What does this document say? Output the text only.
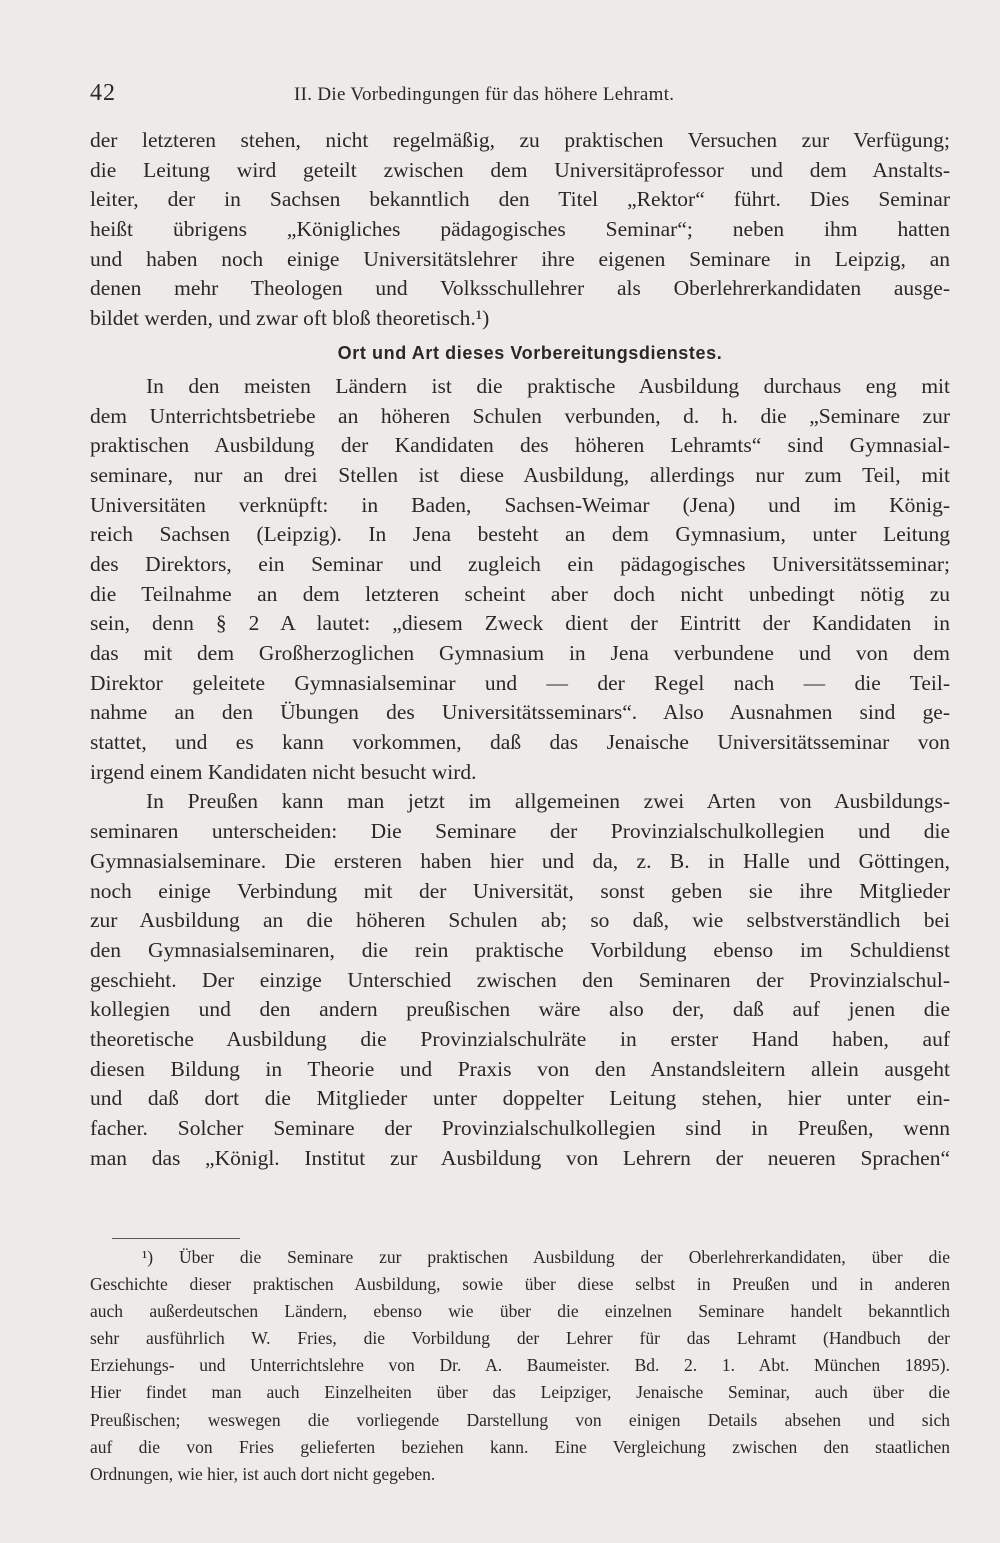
42	II. Die Vorbedingungen für das höhere Lehramt.
der letzteren stehen, nicht regelmäßig, zu praktischen Versuchen zur Verfügung;
die Leitung wird geteilt zwischen dem Universitäprofessor und dem Anstalts-
leiter, der in Sachsen bekanntlich den Titel „Rektor“ führt. Dies Seminar
heißt übrigens „Königliches pädagogisches Seminar“; neben ihm hatten
und haben noch einige Universitätslehrer ihre eigenen Seminare in Leipzig, an
denen mehr Theologen und Volksschullehrer als Oberlehrerkandidaten ausge-
bildet werden, und zwar oft bloß theoretisch.¹)
Ort und Art dieses Vorbereitungsdienstes.
In den meisten Ländern ist die praktische Ausbildung durchaus eng mit
dem Unterrichtsbetriebe an höheren Schulen verbunden, d. h. die „Seminare zur
praktischen Ausbildung der Kandidaten des höheren Lehramts“ sind Gymnasial-
seminare, nur an drei Stellen ist diese Ausbildung, allerdings nur zum Teil, mit
Universitäten verknüpft: in Baden, Sachsen-Weimar (Jena) und im König-
reich Sachsen (Leipzig). In Jena besteht an dem Gymnasium, unter Leitung
des Direktors, ein Seminar und zugleich ein pädagogisches Universitätsseminar;
die Teilnahme an dem letzteren scheint aber doch nicht unbedingt nötig zu
sein, denn § 2 A lautet: „diesem Zweck dient der Eintritt der Kandidaten in
das mit dem Großherzoglichen Gymnasium in Jena verbundene und von dem
Direktor geleitete Gymnasialseminar und — der Regel nach — die Teil-
nahme an den Übungen des Universitätsseminars“. Also Ausnahmen sind ge-
stattet, und es kann vorkommen, daß das Jenaische Universitätsseminar von
irgend einem Kandidaten nicht besucht wird.
In Preußen kann man jetzt im allgemeinen zwei Arten von Ausbildungs-
seminaren unterscheiden: Die Seminare der Provinzialschulkollegien und die
Gymnasialseminare. Die ersteren haben hier und da, z. B. in Halle und Göttingen,
noch einige Verbindung mit der Universität, sonst geben sie ihre Mitglieder
zur Ausbildung an die höheren Schulen ab; so daß, wie selbstverständlich bei
den Gymnasialseminaren, die rein praktische Vorbildung ebenso im Schuldienst
geschieht. Der einzige Unterschied zwischen den Seminaren der Provinzialschul-
kollegien und den andern preußischen wäre also der, daß auf jenen die
theoretische Ausbildung die Provinzialschulräte in erster Hand haben, auf
diesen Bildung in Theorie und Praxis von den Anstandsleitern allein ausgeht
und daß dort die Mitglieder unter doppelter Leitung stehen, hier unter ein-
facher. Solcher Seminare der Provinzialschulkollegien sind in Preußen, wenn
man das „Königl. Institut zur Ausbildung von Lehrern der neueren Sprachen“
¹) Über die Seminare zur praktischen Ausbildung der Oberlehrerkandidaten, über die
Geschichte dieser praktischen Ausbildung, sowie über diese selbst in Preußen und in anderen
auch außerdeutschen Ländern, ebenso wie über die einzelnen Seminare handelt bekanntlich
sehr ausführlich W. Fries, die Vorbildung der Lehrer für das Lehramt (Handbuch der
Erziehungs- und Unterrichtslehre von Dr. A. Baumeister. Bd. 2. 1. Abt. München 1895).
Hier findet man auch Einzelheiten über das Leipziger, Jenaische Seminar, auch über die
Preußischen; weswegen die vorliegende Darstellung von einigen Details absehen und sich
auf die von Fries gelieferten beziehen kann. Eine Vergleichung zwischen den staatlichen
Ordnungen, wie hier, ist auch dort nicht gegeben.
